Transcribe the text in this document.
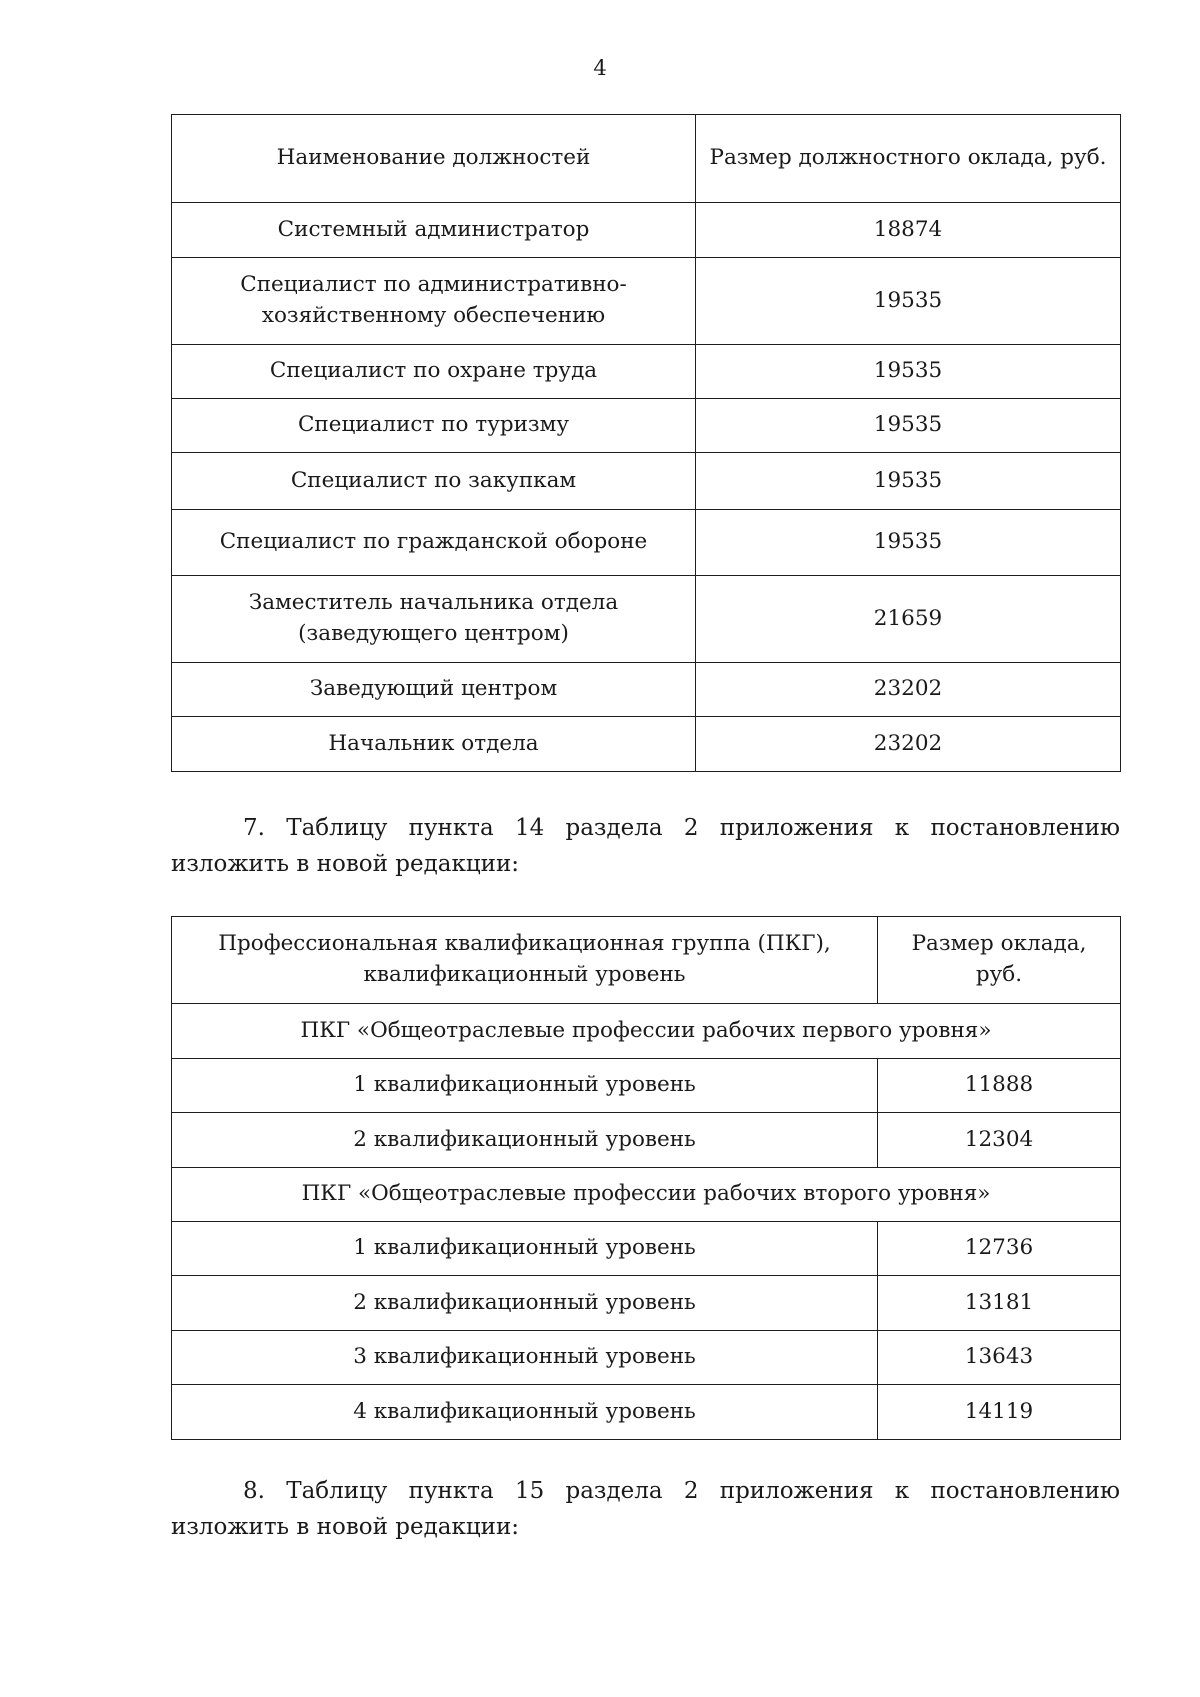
4
Наименование должностей	Размер должностного оклада, руб.
Системный администратор	18874
Специалист по административно-хозяйственному обеспечению	19535
Специалист по охране труда	19535
Специалист по туризму	19535
Специалист по закупкам	19535
Специалист по гражданской обороне	19535
Заместитель начальника отдела (заведующего центром)	21659
Заведующий центром	23202
Начальник отдела	23202

7. Таблицу пункта 14 раздела 2 приложения к постановлению изложить в новой редакции:

Профессиональная квалификационная группа (ПКГ), квалификационный уровень	Размер оклада, руб.
ПКГ «Общеотраслевые профессии рабочих первого уровня»	
1 квалификационный уровень	11888
2 квалификационный уровень	12304
ПКГ «Общеотраслевые профессии рабочих второго уровня»	
1 квалификационный уровень	12736
2 квалификационный уровень	13181
3 квалификационный уровень	13643
4 квалификационный уровень	14119

8. Таблицу пункта 15 раздела 2 приложения к постановлению изложить в новой редакции:
